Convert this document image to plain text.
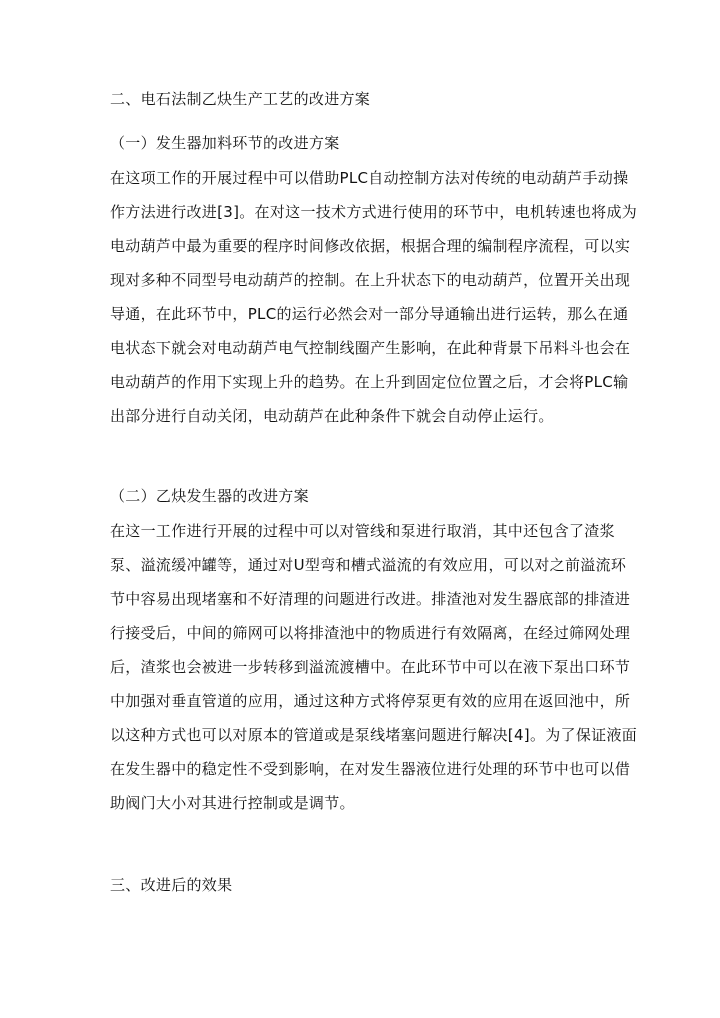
二、电石法制乙炔生产工艺的改进方案
（一）发生器加料环节的改进方案
在这项工作的开展过程中可以借助PLC自动控制方法对传统的电动葫芦手动操
作方法进行改进[3]。在对这一技术方式进行使用的环节中，电机转速也将成为
电动葫芦中最为重要的程序时间修改依据，根据合理的编制程序流程，可以实
现对多种不同型号电动葫芦的控制。在上升状态下的电动葫芦，位置开关出现
导通，在此环节中，PLC的运行必然会对一部分导通输出进行运转，那么在通
电状态下就会对电动葫芦电气控制线圈产生影响，在此种背景下吊料斗也会在
电动葫芦的作用下实现上升的趋势。在上升到固定位位置之后，才会将PLC输
出部分进行自动关闭，电动葫芦在此种条件下就会自动停止运行。
（二）乙炔发生器的改进方案
在这一工作进行开展的过程中可以对管线和泵进行取消，其中还包含了渣浆
泵、溢流缓冲罐等，通过对U型弯和槽式溢流的有效应用，可以对之前溢流环
节中容易出现堵塞和不好清理的问题进行改进。排渣池对发生器底部的排渣进
行接受后，中间的筛网可以将排渣池中的物质进行有效隔离，在经过筛网处理
后，渣浆也会被进一步转移到溢流渡槽中。在此环节中可以在液下泵出口环节
中加强对垂直管道的应用，通过这种方式将停泵更有效的应用在返回池中，所
以这种方式也可以对原本的管道或是泵线堵塞问题进行解决[4]。为了保证液面
在发生器中的稳定性不受到影响，在对发生器液位进行处理的环节中也可以借
助阀门大小对其进行控制或是调节。
三、改进后的效果
